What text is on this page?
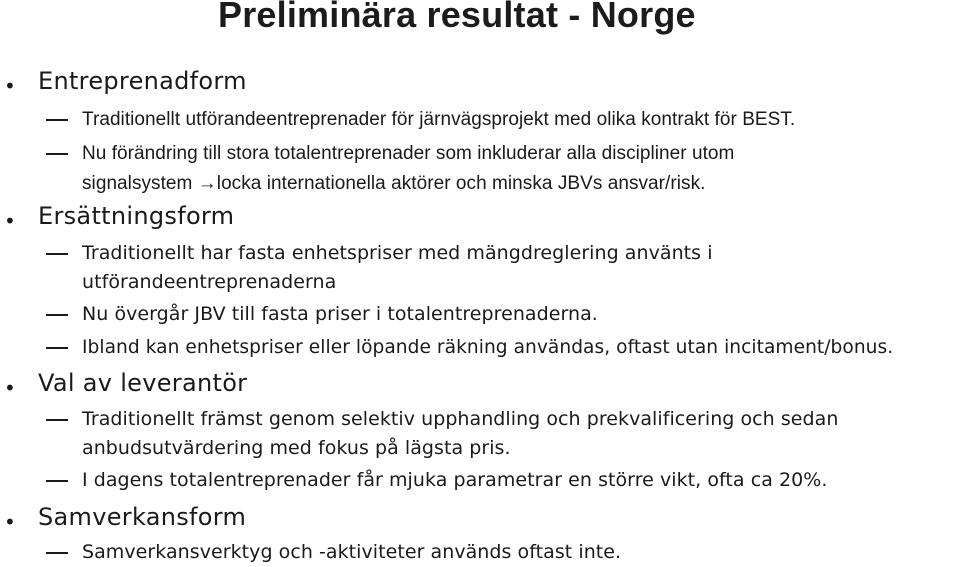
Preliminära resultat - Norge
• Entreprenadform
Traditionellt utförandeentreprenader för järnvägsprojekt med olika kontrakt för BEST.
Nu förändring till stora totalentreprenader som inkluderar alla discipliner utom
signalsystem →locka internationella aktörer och minska JBVs ansvar/risk.
• Ersättningsform
Traditionellt har fasta enhetspriser med mängdreglering använts i
utförandeentreprenaderna
Nu övergår JBV till fasta priser i totalentreprenaderna.
Ibland kan enhetspriser eller löpande räkning användas, oftast utan incitament/bonus.
• Val av leverantör
Traditionellt främst genom selektiv upphandling och prekvalificering och sedan
anbudsutvärdering med fokus på lägsta pris.
I dagens totalentreprenader får mjuka parametrar en större vikt, ofta ca 20%.
• Samverkansform
Samverkansverktyg och -aktiviteter används oftast inte.
